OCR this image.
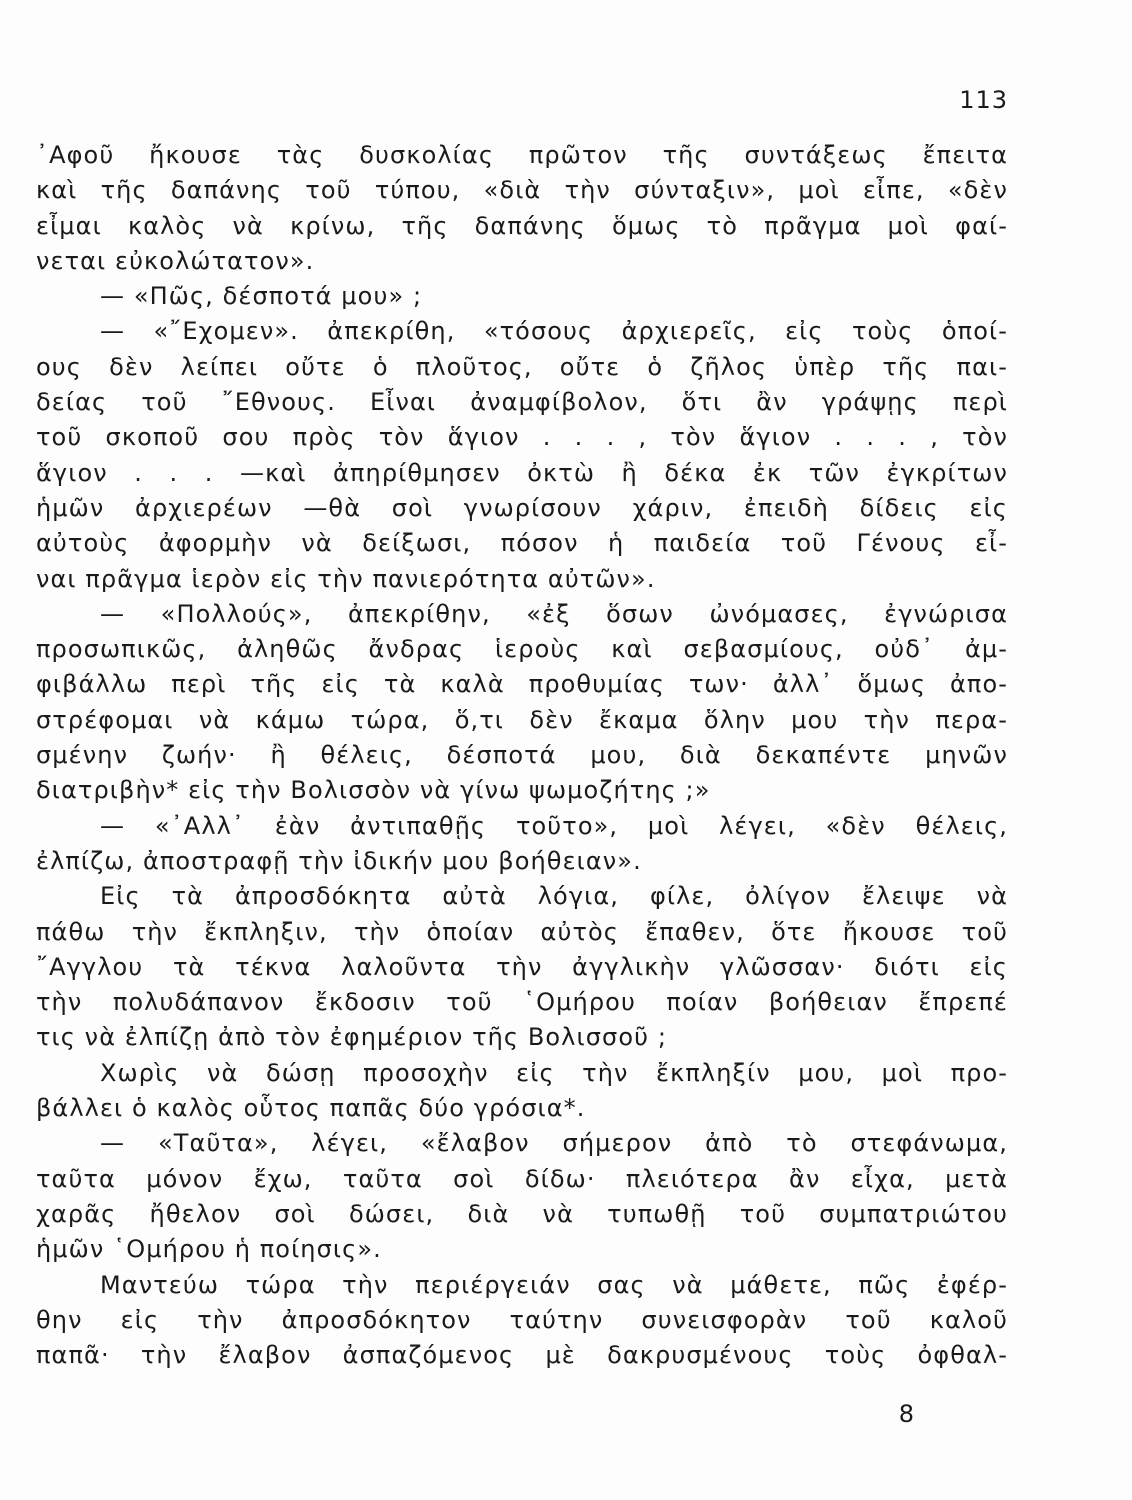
113
᾿Αφοῦ ἤκουσε τὰς δυσκολίας πρῶτον τῆς συντάξεως ἔπειτα
καὶ τῆς δαπάνης τοῦ τύπου, «διὰ τὴν σύνταξιν», μοὶ εἶπε, «δὲν
εἶμαι καλὸς νὰ κρίνω, τῆς δαπάνης ὅμως τὸ πρᾶγμα μοὶ φαί-
νεται εὐκολώτατον».
— «Πῶς, δέσποτά μου» ;
— «῎Εχομεν». ἀπεκρίθη, «τόσους ἀρχιερεῖς, εἰς τοὺς ὁποί-
ους δὲν λείπει οὔτε ὁ πλοῦτος, οὔτε ὁ ζῆλος ὑπὲρ τῆς παι-
δείας τοῦ ῎Εθνους. Εἶναι ἀναμφίβολον, ὅτι ἂν γράψῃς περὶ
τοῦ σκοποῦ σου πρὸς τὸν ἅγιον . . . , τὸν ἅγιον . . . , τὸν
ἅγιον . . . —καὶ ἀπηρίθμησεν ὀκτὼ ἢ δέκα ἐκ τῶν ἐγκρίτων
ἡμῶν ἀρχιερέων —θὰ σοὶ γνωρίσουν χάριν, ἐπειδὴ δίδεις εἰς
αὐτοὺς ἀφορμὴν νὰ δείξωσι, πόσον ἡ παιδεία τοῦ Γένους εἶ-
ναι πρᾶγμα ἱερὸν εἰς τὴν πανιερότητα αὐτῶν».
— «Πολλούς», ἀπεκρίθην, «ἐξ ὅσων ὠνόμασες, ἐγνώρισα
προσωπικῶς, ἀληθῶς ἄνδρας ἱεροὺς καὶ σεβασμίους, οὐδ᾿ ἀμ-
φιβάλλω περὶ τῆς εἰς τὰ καλὰ προθυμίας των· ἀλλ᾿ ὅμως ἀπο-
στρέφομαι νὰ κάμω τώρα, ὅ,τι δὲν ἔκαμα ὅλην μου τὴν περα-
σμένην ζωήν· ἢ θέλεις, δέσποτά μου, διὰ δεκαπέντε μηνῶν
διατριβὴν* εἰς τὴν Βολισσὸν νὰ γίνω ψωμοζήτης ;»
— «᾿Αλλ᾿ ἐὰν ἀντιπαθῇς τοῦτο», μοὶ λέγει, «δὲν θέλεις,
ἐλπίζω, ἀποστραφῇ τὴν ἰδικήν μου βοήθειαν».
Εἰς τὰ ἀπροσδόκητα αὐτὰ λόγια, φίλε, ὀλίγον ἔλειψε νὰ
πάθω τὴν ἔκπληξιν, τὴν ὁποίαν αὐτὸς ἔπαθεν, ὅτε ἤκουσε τοῦ
῎Αγγλου τὰ τέκνα λαλοῦντα τὴν ἀγγλικὴν γλῶσσαν· διότι εἰς
τὴν πολυδάπανον ἔκδοσιν τοῦ ῾Ομήρου ποίαν βοήθειαν ἔπρεπέ
τις νὰ ἐλπίζῃ ἀπὸ τὸν ἐφημέριον τῆς Βολισσοῦ ;
Χωρὶς νὰ δώσῃ προσοχὴν εἰς τὴν ἔκπληξίν μου, μοὶ προ-
βάλλει ὁ καλὸς οὗτος παπᾶς δύο γρόσια*.
— «Ταῦτα», λέγει, «ἔλαβον σήμερον ἀπὸ τὸ στεφάνωμα,
ταῦτα μόνον ἔχω, ταῦτα σοὶ δίδω· πλειότερα ἂν εἶχα, μετὰ
χαρᾶς ἤθελον σοὶ δώσει, διὰ νὰ τυπωθῇ τοῦ συμπατριώτου
ἡμῶν ῾Ομήρου ἡ ποίησις».
Μαντεύω τώρα τὴν περιέργειάν σας νὰ μάθετε, πῶς ἐφέρ-
θην εἰς τὴν ἀπροσδόκητον ταύτην συνεισφορὰν τοῦ καλοῦ
παπᾶ· τὴν ἔλαβον ἀσπαζόμενος μὲ δακρυσμένους τοὺς ὀφθαλ-
8
